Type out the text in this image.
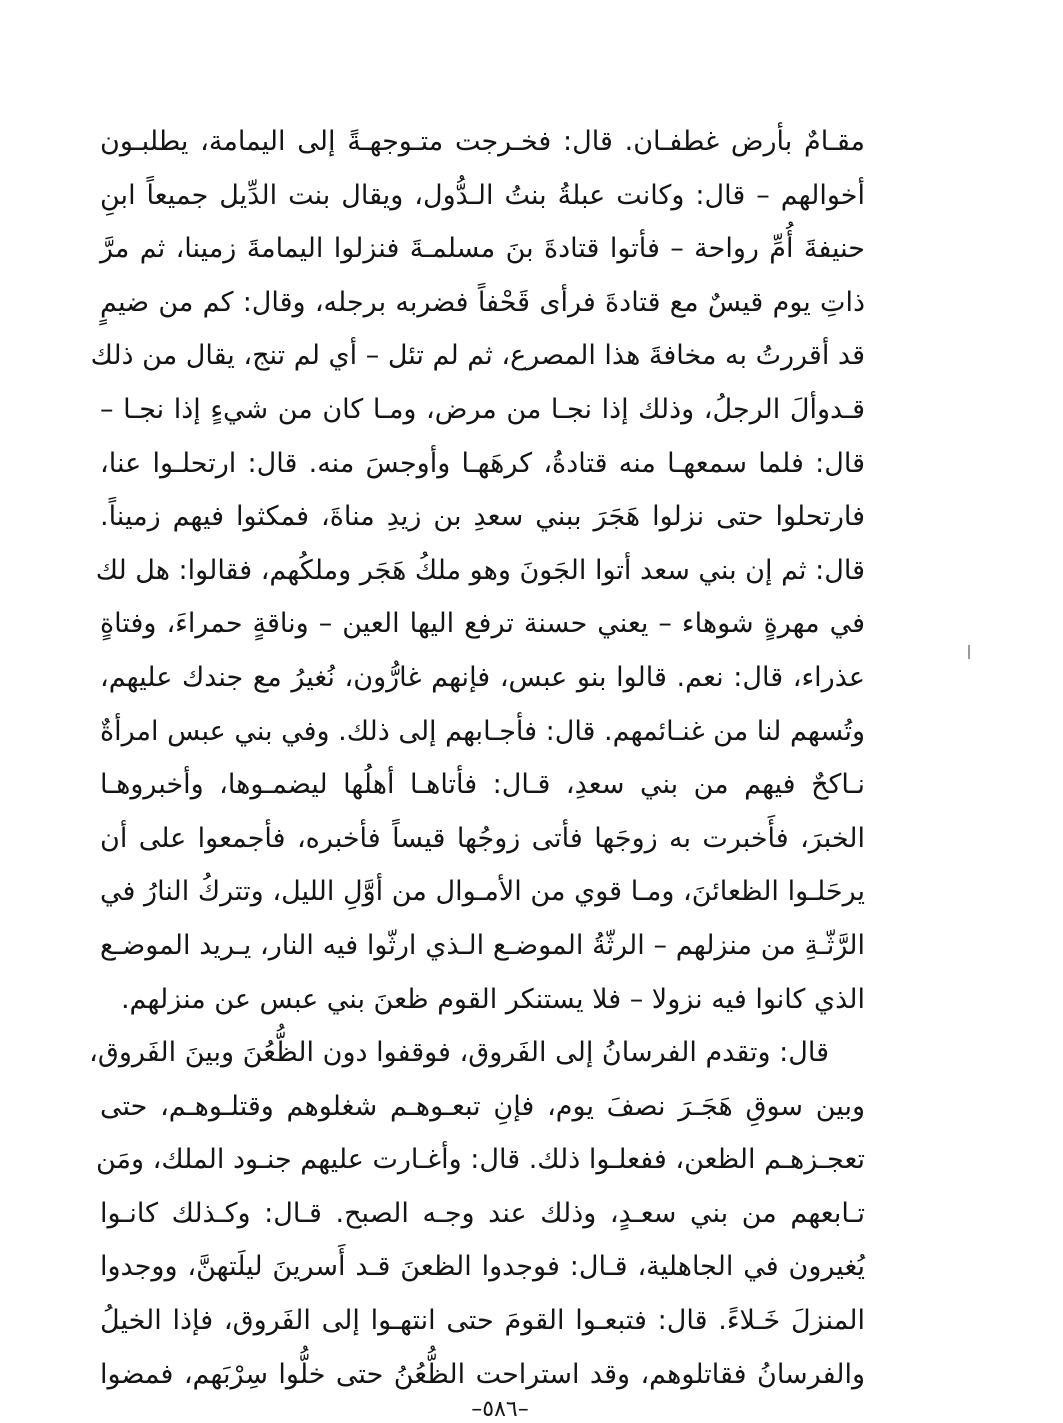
مقـامٌ بأرض غطفـان. قال: فخـرجت متـوجهـةً إلى اليمامة، يطلبـون
أخوالهم – قال: وكانت عبلةُ بنتُ الـدُّول، ويقال بنت الدِّيل جميعاً ابنِ
حنيفةَ أُمِّ رواحة – فأتوا قتادةَ بنَ مسلمـةَ فنزلوا اليمامةَ زمينا، ثم مرَّ
ذاتِ يوم قيسٌ مع قتادةَ فرأى قَحْفاً فضربه برجله، وقال: كم من ضيمٍ
قد أقررتُ به مخافةَ هذا المصرع، ثم لم تئل – أي لم تنج، يقال من ذلك
قـدوألَ الرجلُ، وذلك إذا نجـا من مرض، ومـا كان من شيءٍ إذا نجـا –
قال: فلما سمعهـا منه قتادةُ، كرهَهـا وأوجسَ منه. قال: ارتحلـوا عنا،
فارتحلوا حتى نزلوا هَجَرَ ببني سعدِ بن زيدِ مناةَ، فمكثوا فيهم زميناً.
قال: ثم إن بني سعد أتوا الجَونَ وهو ملكُ هَجَر وملكُهم، فقالوا: هل لك
في مهرةٍ شوهاء – يعني حسنة ترفع اليها العين – وناقةٍ حمراءَ، وفتاةٍ
عذراء، قال: نعم. قالوا بنو عبس، فإنهم غارُّون، نُغيرُ مع جندك عليهم،
وتُسهم لنا من غنـائمهم. قال: فأجـابهم إلى ذلك. وفي بني عبس امرأةٌ
نـاكحٌ فيهم من بني سعدِ، قـال: فأتاهـا أهلُها ليضمـوها، وأخبروهـا
الخبرَ، فأَخبرت به زوجَها فأتى زوجُها قيساً فأخبره، فأجمعوا على أن
يرحَلـوا الظعائنَ، ومـا قوي من الأمـوال من أوَّلِ الليل، وتتركُ النارُ في
الرَّثّـةِ من منزلهم – الرثّةُ الموضـع الـذي ارثّوا فيه النار، يـريد الموضـع
الذي كانوا فيه نزولا – فلا يستنكر القوم ظعنَ بني عبس عن منزلهم.
قال: وتقدم الفرسانُ إلى الفَروق، فوقفوا دون الظُّعُنَ وبينَ الفَروق،
وبين سوقِ هَجَـرَ نصفَ يوم، فإنِ تبعـوهـم شغلوهم وقتلـوهـم، حتى
تعجـزهـم الظعن، ففعلـوا ذلك. قال: وأغـارت عليهم جنـود الملك، ومَن
تـابعهم من بني سعـدٍ، وذلك عند وجـه الصبح. قـال: وكـذلك كانـوا
يُغيرون في الجاهلية، قـال: فوجدوا الظعنَ قـد أَسرينَ ليلَتهنَّ، ووجدوا
المنزلَ خَـلاءً. قال: فتبعـوا القومَ حتى انتهـوا إلى الفَروق، فإذا الخيلُ
والفرسانُ فقاتلوهم، وقد استراحت الظُّعُنُ حتى خلُّوا سِرْبَهم، فمضوا
–٥٨٦–
